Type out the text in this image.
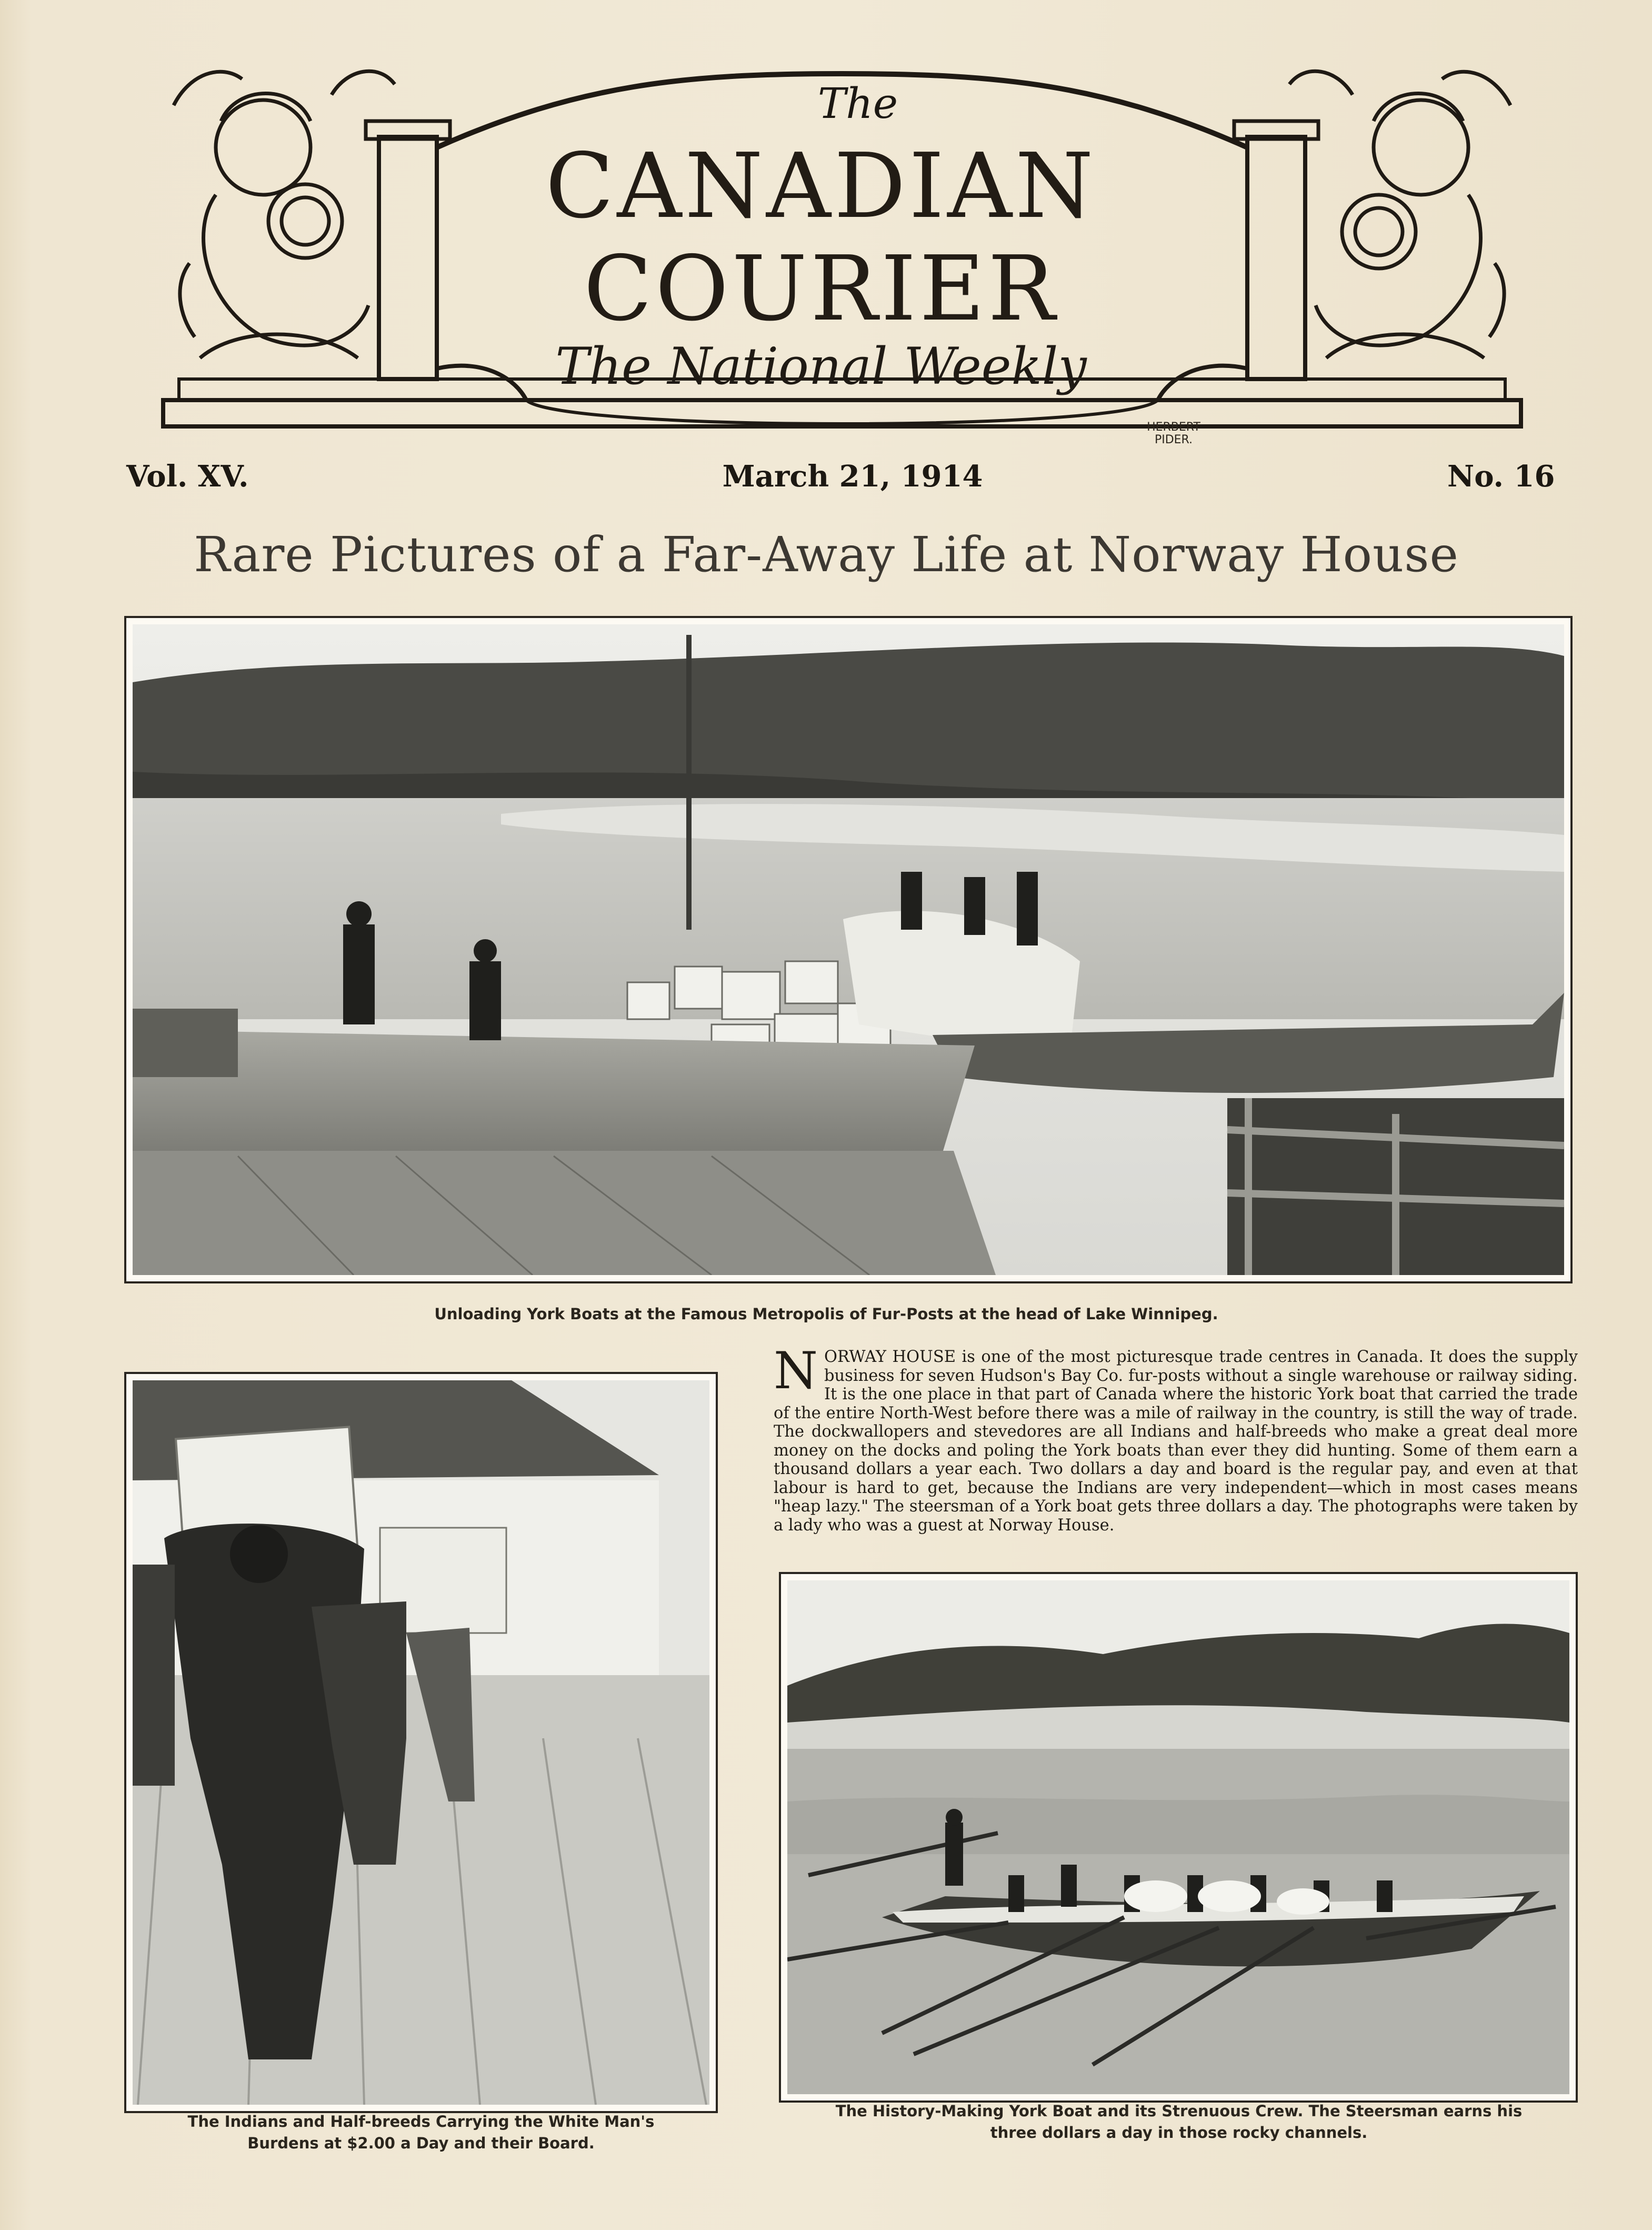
The
CANADIAN
COURIER
The National Weekly
HERBERT
PIDER.
Vol. XV.	March 21, 1914	No. 16
Rare Pictures of a Far-Away Life at Norway House
Unloading York Boats at the Famous Metropolis of Fur-Posts at the head of Lake Winnipeg.
The Indians and Half-breeds Carrying the White Man's
Burdens at $2.00 a Day and their Board.
NORWAY HOUSE is one of the most picturesque trade centres in Canada. It does the supply business for seven Hudson's Bay Co. fur-posts without a single warehouse or railway siding. It is the one place in that part of Canada where the historic York boat that carried the trade of the entire North-West before there was a mile of railway in the country, is still the way of trade. The dockwallopers and stevedores are all Indians and half-breeds who make a great deal more money on the docks and poling the York boats than ever they did hunting. Some of them earn a thousand dollars a year each. Two dollars a day and board is the regular pay, and even at that labour is hard to get, because the Indians are very independent—which in most cases means "heap lazy." The steersman of a York boat gets three dollars a day. The photographs were taken by a lady who was a guest at Norway House.
The History-Making York Boat and its Strenuous Crew. The Steersman earns his
three dollars a day in those rocky channels.
